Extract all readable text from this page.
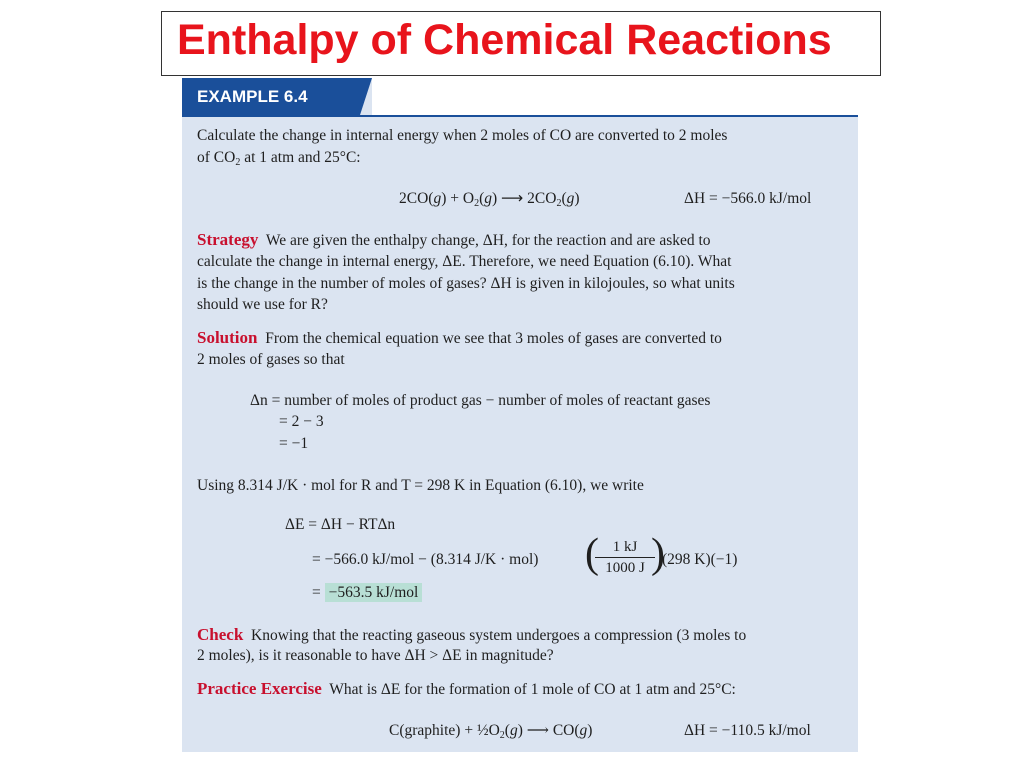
Enthalpy of Chemical Reactions
EXAMPLE 6.4
Calculate the change in internal energy when 2 moles of CO are converted to 2 moles
of $CO_2$ at 1 atm and 25°C:
$2CO(g) + O_2(g)$ ⟶ $2CO_2(g)$	ΔH = −566.0 kJ/mol
Strategy We are given the enthalpy change, ΔH, for the reaction and are asked to
calculate the change in internal energy, ΔE. Therefore, we need Equation (6.10). What
is the change in the number of moles of gases? ΔH is given in kilojoules, so what units
should we use for R?
Solution From the chemical equation we see that 3 moles of gases are converted to
2 moles of gases so that
Δn = number of moles of product gas − number of moles of reactant gases
= 2 − 3
= −1
Using 8.314 J/K · mol for R and T = 298 K in Equation (6.10), we write
ΔE = ΔH − RTΔn
= −566.0 kJ/mol − (8.314 J/K · mol) (
$\frac{1 kJ}{1000 J}$
)
(298 K)(−1)
= −563.5 kJ/mol
Check Knowing that the reacting gaseous system undergoes a compression (3 moles to
2 moles), is it reasonable to have ΔH > ΔE in magnitude?
Practice Exercise What is ΔE for the formation of 1 mole of CO at 1 atm and 25°C:
C(graphite) + $\frac{1}{2}O_2(g)$ ⟶ CO(g)	ΔH = −110.5 kJ/mol
